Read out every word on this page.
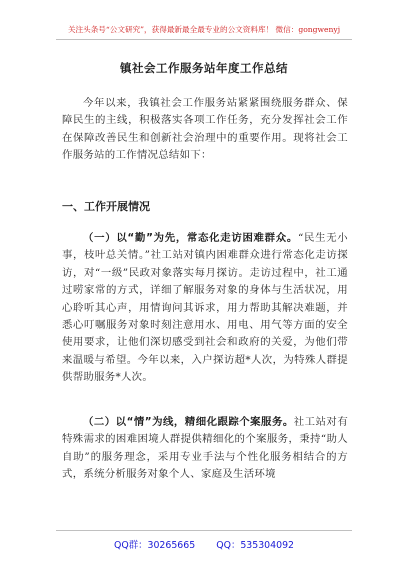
关注头条号“公文研究”，获得最新最全最专业的公文资料库！ 微信：gongwenyj
镇社会工作服务站年度工作总结
今年以来，我镇社会工作服务站紧紧围绕服务群众、保障民生的主线，积极落实各项工作任务，充分发挥社会工作在保障改善民生和创新社会治理中的重要作用。现将社会工作服务站的工作情况总结如下：
一、工作开展情况
（一）以“勤”为先，常态化走访困难群众。“民生无小事，枝叶总关情。”社工站对镇内困难群众进行常态化走访探访，对“一级”民政对象落实每月探访。走访过程中，社工通过唠家常的方式，详细了解服务对象的身体与生活状况，用心聆听其心声，用情询问其诉求，用力帮助其解决难题，并悉心叮嘱服务对象时刻注意用水、用电、用气等方面的安全使用要求，让他们深切感受到社会和政府的关爱，为他们带来温暖与希望。今年以来，入户探访超*人次，为特殊人群提供帮助服务*人次。
（二）以“情”为线，精细化跟踪个案服务。社工站对有特殊需求的困难困境人群提供精细化的个案服务，秉持“助人自助”的服务理念，采用专业手法与个性化服务相结合的方式，系统分析服务对象个人、家庭及生活环境
QQ群：30265665 QQ：535304092
